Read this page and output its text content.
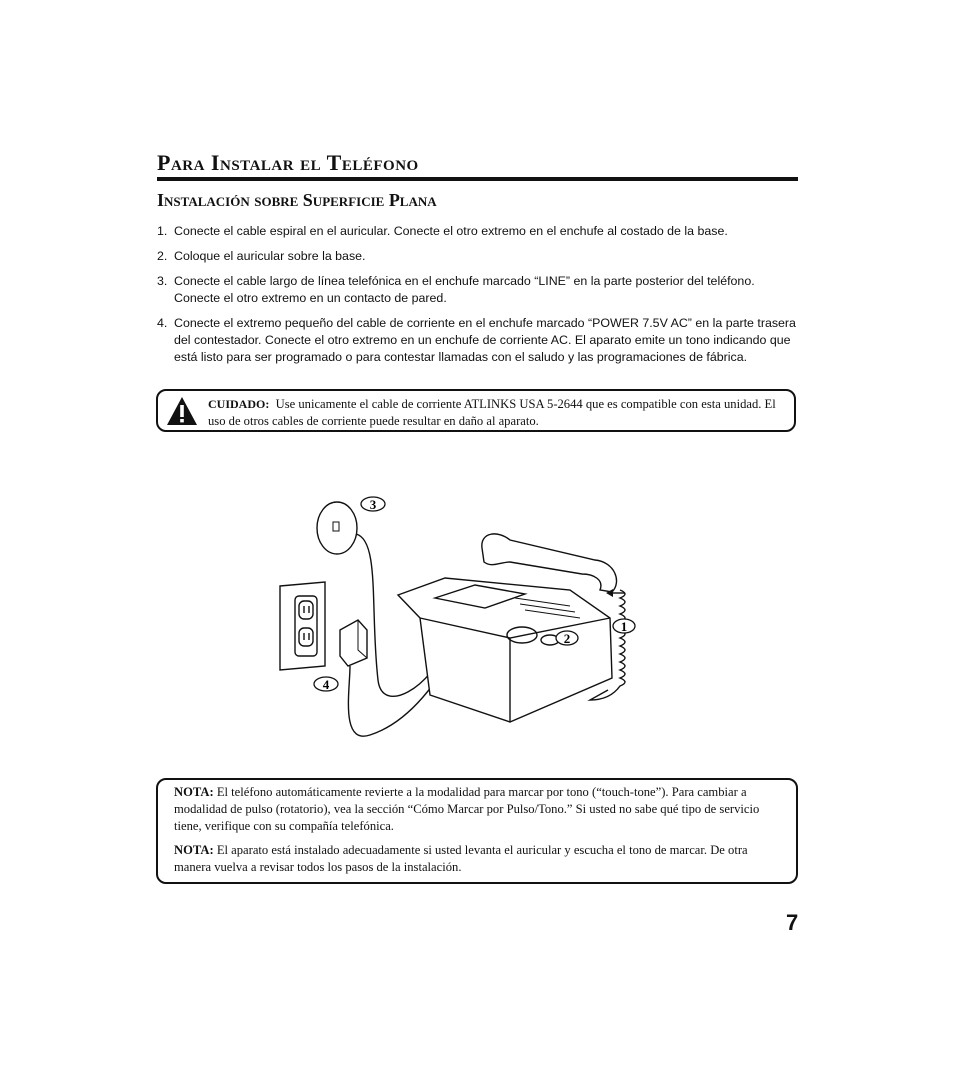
Para Instalar el Teléfono
Instalación sobre Superficie Plana
1. Conecte el cable espiral en el auricular. Conecte el otro extremo en el enchufe al costado de la base.
2. Coloque el auricular sobre la base.
3. Conecte el cable largo de línea telefónica en el enchufe marcado “LINE” en la parte posterior del teléfono. Conecte el otro extremo en un contacto de pared.
4. Conecte el extremo pequeño del cable de corriente en el enchufe marcado “POWER 7.5V AC” en la parte trasera del contestador. Conecte el otro extremo en un enchufe de corriente AC. El aparato emite un tono indicando que está listo para ser programado o para contestar llamadas con el saludo y las programaciones de fábrica.
CUIDADO: Use unicamente el cable de corriente ATLINKS USA 5-2644 que es compatible con esta unidad. El uso de otros cables de corriente puede resultar en daño al aparato.
1
2
3
4

NOTA: El teléfono automáticamente revierte a la modalidad para marcar por tono (“touch-tone”). Para cambiar a modalidad de pulso (rotatorio), vea la sección “Cómo Marcar por Pulso/Tono.” Si usted no sabe qué tipo de servicio tiene, verifique con su compañía telefónica.

NOTA: El aparato está instalado adecuadamente si usted levanta el auricular y escucha el tono de marcar. De otra manera vuelva a revisar todos los pasos de la instalación.

7
